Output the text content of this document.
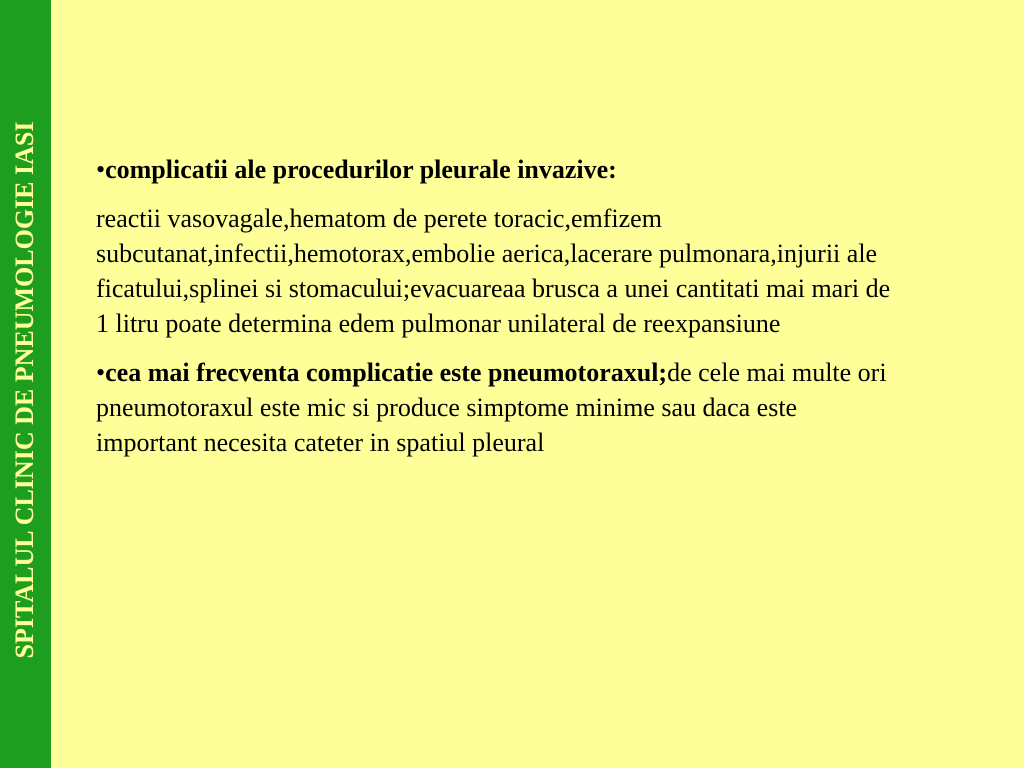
SPITALUL CLINIC DE PNEUMOLOGIE IASI •complicatii ale procedurilor pleurale invazive:

reactii vasovagale,hematom de perete toracic,emfizem subcutanat,infectii,hemotorax,embolie aerica,lacerare pulmonara,injurii ale ficatului,splinei si stomacului;evacuareaa brusca a unei cantitati mai mari de 1 litru poate determina edem pulmonar unilateral de reexpansiune

•cea mai frecventa complicatie este pneumotoraxul;de cele mai multe ori pneumotoraxul este mic si produce simptome minime sau daca este important necesita cateter in spatiul pleural
